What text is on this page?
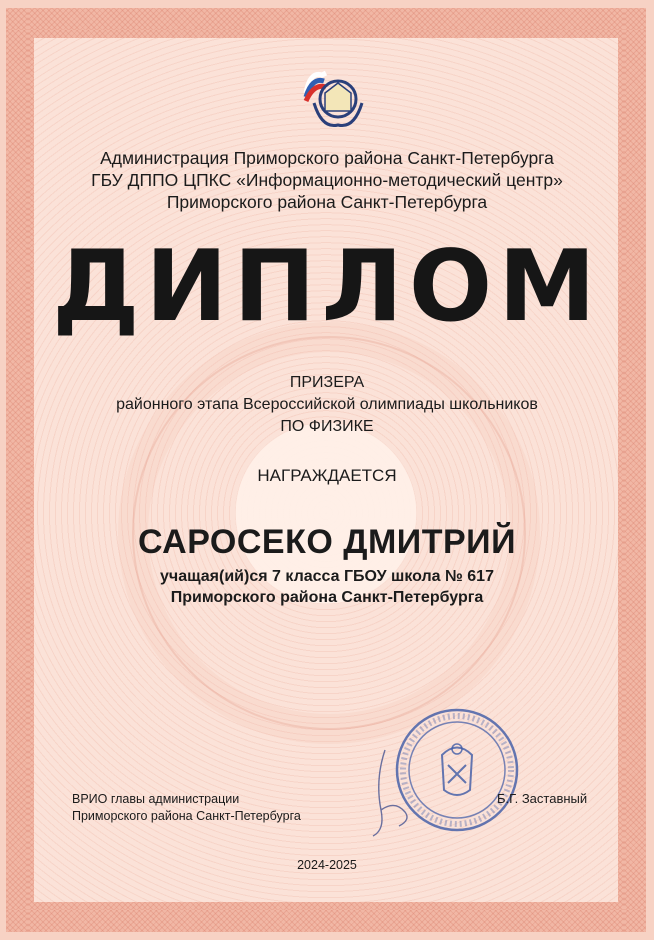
Администрация Приморского района Санкт-Петербурга
ГБУ ДППО ЦПКС «Информационно-методический центр»
Приморского района Санкт-Петербурга
ДИПЛОМ
ПРИЗЕРА
районного этапа Всероссийской олимпиады школьников
ПО ФИЗИКЕ
НАГРАЖДАЕТСЯ
САРОСЕКО ДМИТРИЙ
учащая(ий)ся 7 класса ГБОУ школа № 617
Приморского района Санкт-Петербурга
ВРИО главы администрации
Приморского района Санкт-Петербурга
Б.Г. Заставный
2024-2025
